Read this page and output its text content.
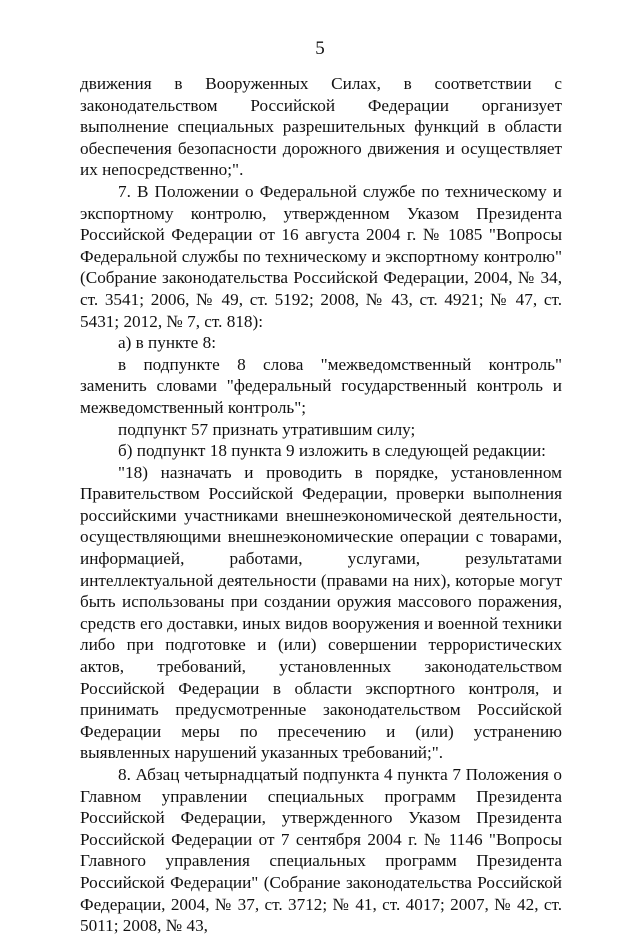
5

движения в Вооруженных Силах, в соответствии с законодательством Российской Федерации организует выполнение специальных разрешительных функций в области обеспечения безопасности дорожного движения и осуществляет их непосредственно;".

7. В Положении о Федеральной службе по техническому и экспортному контролю, утвержденном Указом Президента Российской Федерации от 16 августа 2004 г. № 1085 "Вопросы Федеральной службы по техническому и экспортному контролю" (Собрание законодательства Российской Федерации, 2004, № 34, ст. 3541; 2006, № 49, ст. 5192; 2008, № 43, ст. 4921; № 47, ст. 5431; 2012, № 7, ст. 818):

а) в пункте 8:

в подпункте 8 слова "межведомственный контроль" заменить словами "федеральный государственный контроль и межведомственный контроль";

подпункт 57 признать утратившим силу;

б) подпункт 18 пункта 9 изложить в следующей редакции:

"18) назначать и проводить в порядке, установленном Правительством Российской Федерации, проверки выполнения российскими участниками внешнеэкономической деятельности, осуществляющими внешнеэкономические операции с товарами, информацией, работами, услугами, результатами интеллектуальной деятельности (правами на них), которые могут быть использованы при создании оружия массового поражения, средств его доставки, иных видов вооружения и военной техники либо при подготовке и (или) совершении террористических актов, требований, установленных законодательством Российской Федерации в области экспортного контроля, и принимать предусмотренные законодательством Российской Федерации меры по пресечению и (или) устранению выявленных нарушений указанных требований;".

8. Абзац четырнадцатый подпункта 4 пункта 7 Положения о Главном управлении специальных программ Президента Российской Федерации, утвержденного Указом Президента Российской Федерации от 7 сентября 2004 г. № 1146 "Вопросы Главного управления специальных программ Президента Российской Федерации" (Собрание законодательства Российской Федерации, 2004, № 37, ст. 3712; № 41, ст. 4017; 2007, № 42, ст. 5011; 2008, № 43,
